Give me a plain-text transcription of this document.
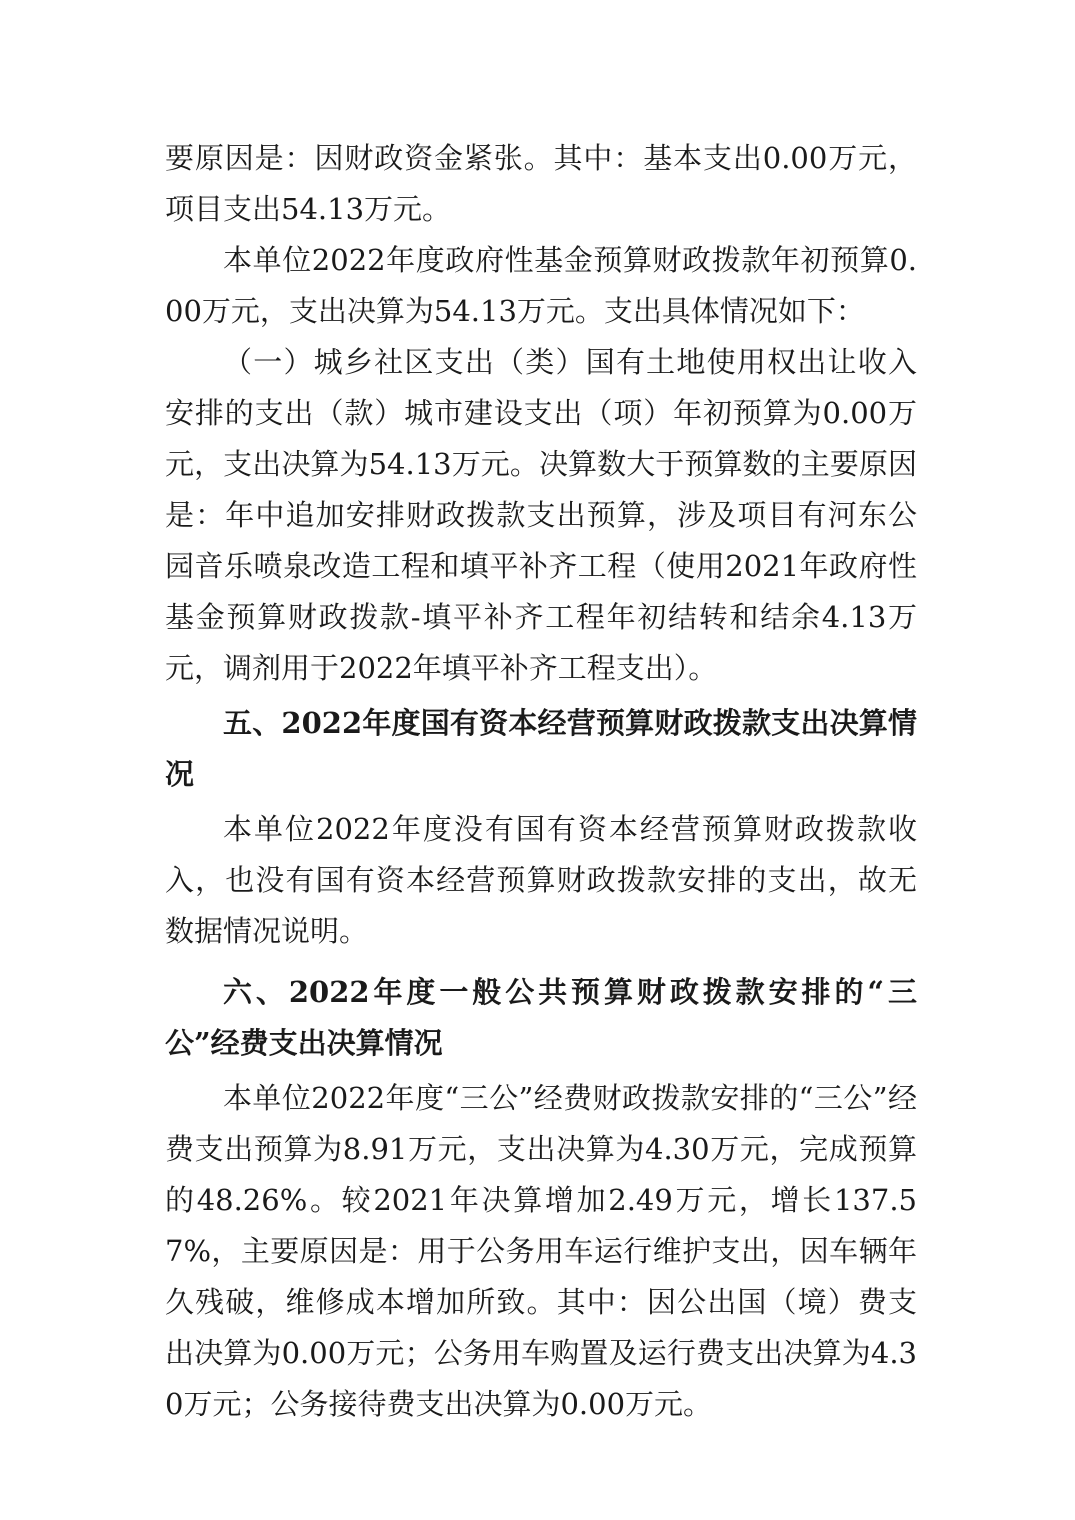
要原因是：因财政资金紧张。其中：基本支出0.00万元，项目支出54.13万元。

本单位2022年度政府性基金预算财政拨款年初预算0.00万元，支出决算为54.13万元。支出具体情况如下：

（一）城乡社区支出（类）国有土地使用权出让收入安排的支出（款）城市建设支出（项）年初预算为0.00万元，支出决算为54.13万元。决算数大于预算数的主要原因是：年中追加安排财政拨款支出预算，涉及项目有河东公园音乐喷泉改造工程和填平补齐工程（使用2021年政府性基金预算财政拨款-填平补齐工程年初结转和结余4.13万元，调剂用于2022年填平补齐工程支出）。

五、2022年度国有资本经营预算财政拨款支出决算情况

本单位2022年度没有国有资本经营预算财政拨款收入，也没有国有资本经营预算财政拨款安排的支出，故无数据情况说明。

六、2022年度一般公共预算财政拨款安排的“三公”经费支出决算情况

本单位2022年度“三公”经费财政拨款安排的“三公”经费支出预算为8.91万元，支出决算为4.30万元，完成预算的48.26%。较2021年决算增加2.49万元，增长137.57%，主要原因是：用于公务用车运行维护支出，因车辆年久残破，维修成本增加所致。其中：因公出国（境）费支出决算为0.00万元；公务用车购置及运行费支出决算为4.30万元；公务接待费支出决算为0.00万元。
